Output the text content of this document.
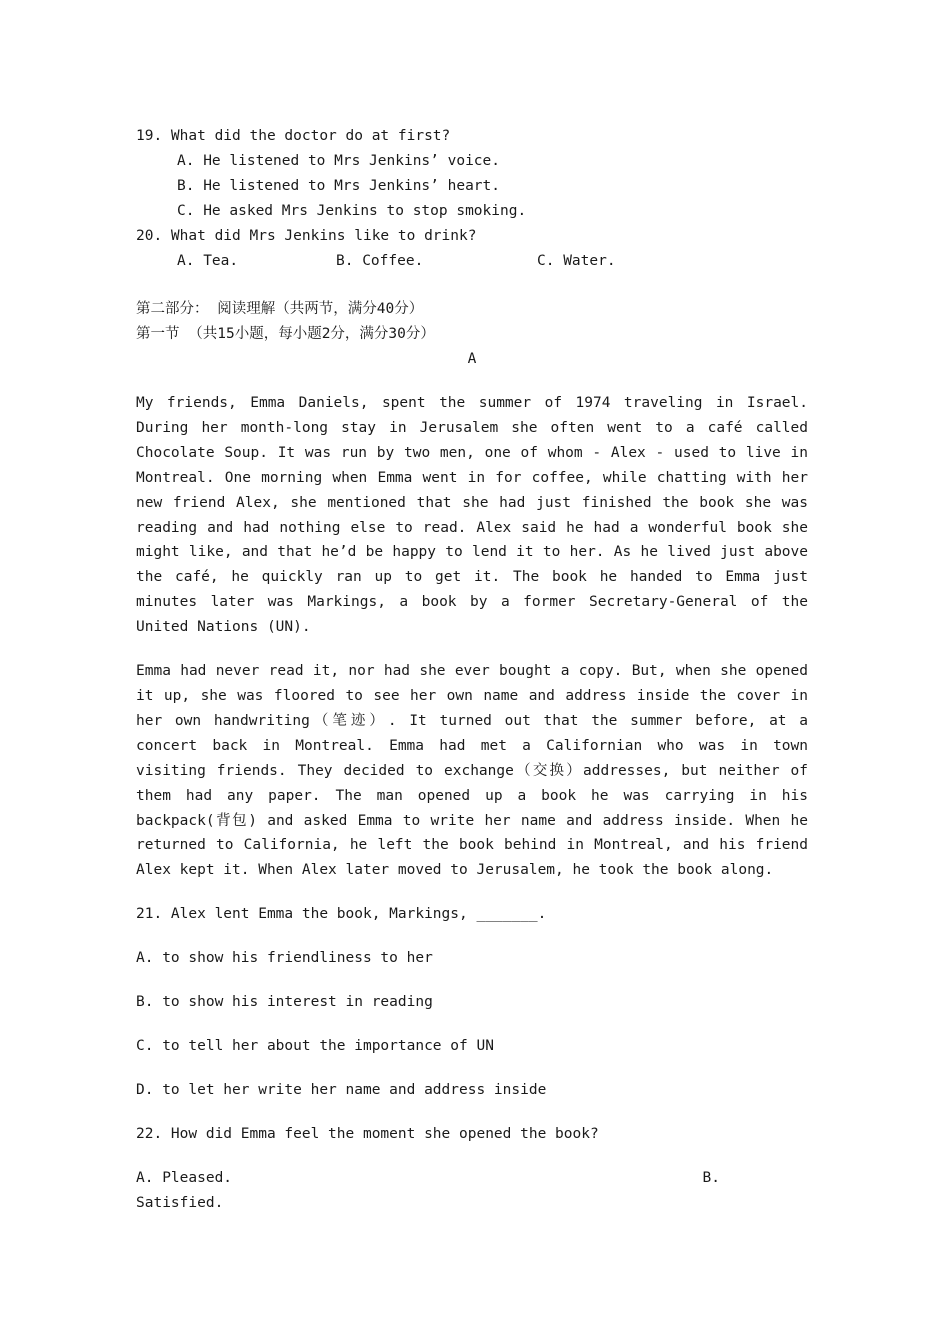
19. What did the doctor do at first?
A. He listened to Mrs Jenkins’ voice.
B. He listened to Mrs Jenkins’ heart.
C. He asked Mrs Jenkins to stop smoking.
20. What did Mrs Jenkins like to drink?
A. Tea.	B. Coffee.	C. Water.
第二部分： 阅读理解（共两节，满分40分）
第一节 （共15小题，每小题2分，满分30分）
A
My friends, Emma Daniels, spent the summer of 1974 traveling in Israel. During her month-long stay in Jerusalem she often went to a café called Chocolate Soup. It was run by two men, one of whom - Alex - used to live in Montreal. One morning when Emma went in for coffee, while chatting with her new friend Alex, she mentioned that she had just finished the book she was reading and had nothing else to read. Alex said he had a wonderful book she might like, and that he’d be happy to lend it to her. As he lived just above the café, he quickly ran up to get it. The book he handed to Emma just minutes later was Markings, a book by a former Secretary-General of the United Nations (UN).
Emma had never read it, nor had she ever bought a copy. But, when she opened it up, she was floored to see her own name and address inside the cover in her own handwriting（笔迹）. It turned out that the summer before, at a concert back in Montreal. Emma had met a Californian who was in town visiting friends. They decided to exchange（交换）addresses, but neither of them had any paper. The man opened up a book he was carrying in his backpack(背包) and asked Emma to write her name and address inside. When he returned to California, he left the book behind in Montreal, and his friend Alex kept it. When Alex later moved to Jerusalem, he took the book along.
21. Alex lent Emma the book, Markings, _______.
A. to show his friendliness to her
B. to show his interest in reading
C. to tell her about the importance of UN
D. to let her write her name and address inside
22. How did Emma feel the moment she opened the book?
A. Pleased.	B.
Satisfied.
